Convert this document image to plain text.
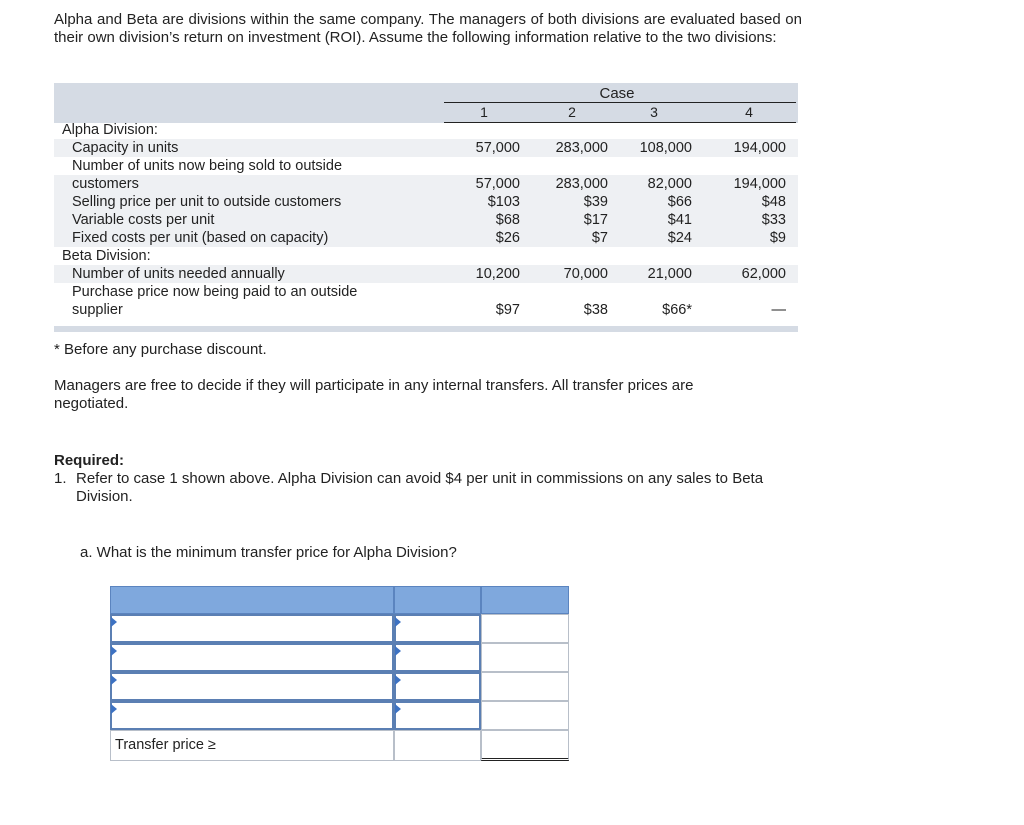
Alpha and Beta are divisions within the same company. The managers of both divisions are evaluated based on their own division’s return on investment (ROI). Assume the following information relative to the two divisions:
Case
1	2	3	4
Alpha Division:
Capacity in units	57,000	283,000	108,000	194,000
Number of units now being sold to outside
customers	57,000	283,000	82,000	194,000
Selling price per unit to outside customers	$103	$39	$66	$48
Variable costs per unit	$68	$17	$41	$33
Fixed costs per unit (based on capacity)	$26	$7	$24	$9
Beta Division:
Number of units needed annually	10,200	70,000	21,000	62,000
Purchase price now being paid to an outside
supplier	$97	$38	$66*	—
* Before any purchase discount.
Managers are free to decide if they will participate in any internal transfers. All transfer prices are negotiated.
Required:
1. Refer to case 1 shown above. Alpha Division can avoid $4 per unit in commissions on any sales to Beta Division.
a. What is the minimum transfer price for Alpha Division?
Transfer price ≥
